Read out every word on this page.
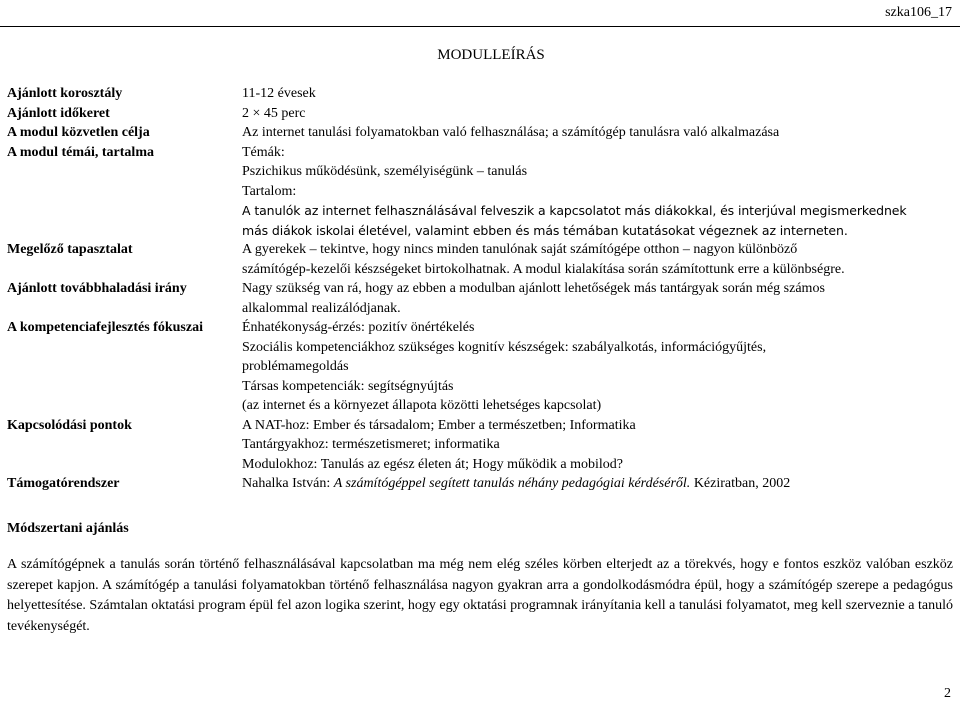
szka106_17
MODULLEÍRÁS
Ajánlott korosztály	11-12 évesek

Ajánlott időkeret	2 × 45 perc

A modul közvetlen célja	Az internet tanulási folyamatokban való felhasználása; a számítógép tanulásra való alkalmazása

A modul témái, tartalma	Témák:
Pszichikus működésünk, személyiségünk – tanulás
Tartalom:
A tanulók az internet felhasználásával felveszik a kapcsolatot más diákokkal, és interjúval megismerkednek
más diákok iskolai életével, valamint ebben és más témában kutatásokat végeznek az interneten.

Megelőző tapasztalat	A gyerekek – tekintve, hogy nincs minden tanulónak saját számítógépe otthon – nagyon különböző
számítógép-kezelői készségeket birtokolhatnak. A modul kialakítása során számítottunk erre a különbségre.

Ajánlott továbbhaladási irány	Nagy szükség van rá, hogy az ebben a modulban ajánlott lehetőségek más tantárgyak során még számos
alkalommal realizálódjanak.

A kompetenciafejlesztés fókuszai	Énhatékonyság-érzés: pozitív önértékelés
Szociális kompetenciákhoz szükséges kognitív készségek: szabályalkotás, információgyűjtés,
problémamegoldás
Társas kompetenciák: segítségnyújtás
(az internet és a környezet állapota közötti lehetséges kapcsolat)

Kapcsolódási pontok	A NAT-hoz: Ember és társadalom; Ember a természetben; Informatika
Tantárgyakhoz: természetismeret; informatika
Modulokhoz: Tanulás az egész életen át; Hogy működik a mobilod?

Támogatórendszer	Nahalka István: A számítógéppel segített tanulás néhány pedagógiai kérdéséről. Kéziratban, 2002
Módszertani ajánlás
A számítógépnek a tanulás során történő felhasználásával kapcsolatban ma még nem elég széles körben elterjedt az a törekvés, hogy e fontos eszköz valóban eszköz szerepet kapjon. A számítógép a tanulási folyamatokban történő felhasználása nagyon gyakran arra a gondolkodásmódra épül, hogy a számítógép szerepe a pedagógus helyettesítése. Számtalan oktatási program épül fel azon logika szerint, hogy egy oktatási programnak irányítania kell a tanulási folyamatot, meg kell szerveznie a tanuló tevékenységét.
2
